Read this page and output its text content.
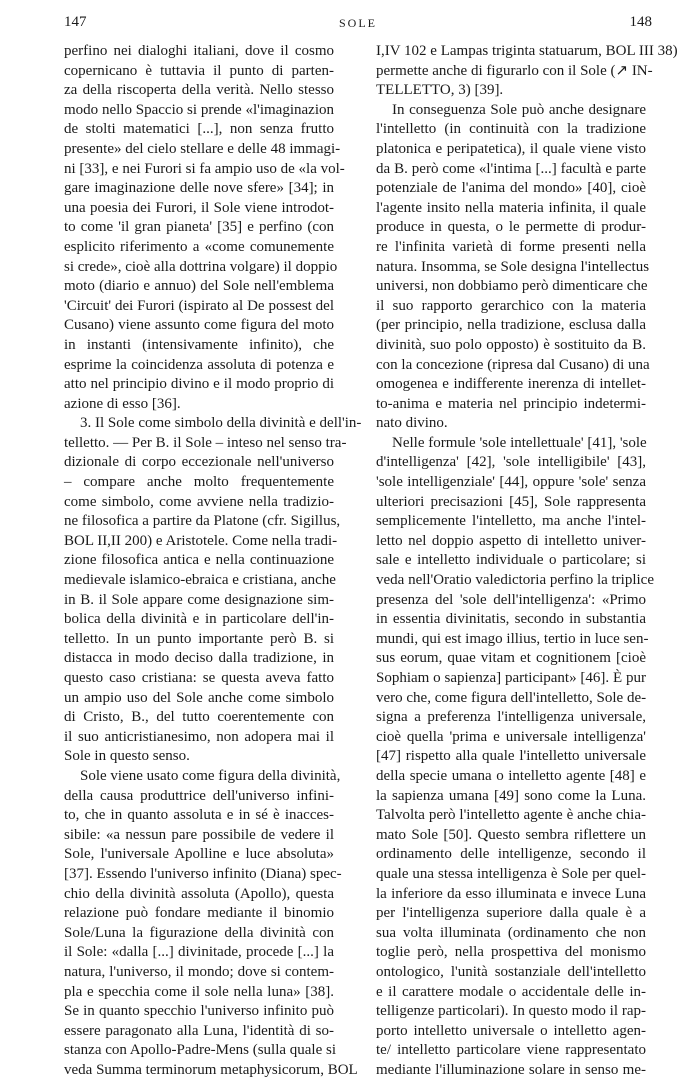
147	SOLE	148
perfino nei dialoghi italiani, dove il cosmo
copernicano è tuttavia il punto di parten-
za della riscoperta della verità. Nello stesso
modo nello Spaccio si prende «l'imaginazion
de stolti matematici [...], non senza frutto
presente» del cielo stellare e delle 48 immagi-
ni [33], e nei Furori si fa ampio uso de «la vol-
gare imaginazione delle nove sfere» [34]; in
una poesia dei Furori, il Sole viene introdot-
to come 'il gran pianeta' [35] e perfino (con
esplicito riferimento a «come comunemente
si crede», cioè alla dottrina volgare) il doppio
moto (diario e annuo) del Sole nell'emblema
'Circuit' dei Furori (ispirato al De possest del
Cusano) viene assunto come figura del moto
in instanti (intensivamente infinito), che
esprime la coincidenza assoluta di potenza e
atto nel principio divino e il modo proprio di
azione di esso [36].
3. Il Sole come simbolo della divinità e dell'in-
telletto. — Per B. il Sole – inteso nel senso tra-
dizionale di corpo eccezionale nell'universo
– compare anche molto frequentemente
come simbolo, come avviene nella tradizio-
ne filosofica a partire da Platone (cfr. Sigillus,
BOL II,II 200) e Aristotele. Come nella tradi-
zione filosofica antica e nella continuazione
medievale islamico-ebraica e cristiana, anche
in B. il Sole appare come designazione sim-
bolica della divinità e in particolare dell'in-
telletto. In un punto importante però B. si
distacca in modo deciso dalla tradizione, in
questo caso cristiana: se questa aveva fatto
un ampio uso del Sole anche come simbolo
di Cristo, B., del tutto coerentemente con
il suo anticristianesimo, non adopera mai il
Sole in questo senso.
Sole viene usato come figura della divinità,
della causa produttrice dell'universo infini-
to, che in quanto assoluta e in sé è inacces-
sibile: «a nessun pare possibile de vedere il
Sole, l'universale Apolline e luce absoluta»
[37]. Essendo l'universo infinito (Diana) spec-
chio della divinità assoluta (Apollo), questa
relazione può fondare mediante il binomio
Sole/Luna la figurazione della divinità con
il Sole: «dalla [...] divinitade, procede [...] la
natura, l'universo, il mondo; dove si contem-
pla e specchia come il sole nella luna» [38].
Se in quanto specchio l'universo infinito può
essere paragonato alla Luna, l'identità di so-
stanza con Apollo-Padre-Mens (sulla quale si
veda Summa terminorum metaphysicorum, BOL
I,IV 102 e Lampas triginta statuarum, BOL III 38)
permette anche di figurarlo con il Sole (↗ IN-
TELLETTO, 3) [39].
In conseguenza Sole può anche designare
l'intelletto (in continuità con la tradizione
platonica e peripatetica), il quale viene visto
da B. però come «l'intima [...] facultà e parte
potenziale de l'anima del mondo» [40], cioè
l'agente insito nella materia infinita, il quale
produce in questa, o le permette di produr-
re l'infinita varietà di forme presenti nella
natura. Insomma, se Sole designa l'intellectus
universi, non dobbiamo però dimenticare che
il suo rapporto gerarchico con la materia
(per principio, nella tradizione, esclusa dalla
divinità, suo polo opposto) è sostituito da B.
con la concezione (ripresa dal Cusano) di una
omogenea e indifferente inerenza di intellet-
to-anima e materia nel principio indetermi-
nato divino.
Nelle formule 'sole intellettuale' [41], 'sole
d'intelligenza' [42], 'sole intelligibile' [43],
'sole intelligenziale' [44], oppure 'sole' senza
ulteriori precisazioni [45], Sole rappresenta
semplicemente l'intelletto, ma anche l'intel-
letto nel doppio aspetto di intelletto univer-
sale e intelletto individuale o particolare; si
veda nell'Oratio valedictoria perfino la triplice
presenza del 'sole dell'intelligenza': «Primo
in essentia divinitatis, secondo in substantia
mundi, qui est imago illius, tertio in luce sen-
sus eorum, quae vitam et cognitionem [cioè
Sophiam o sapienza] participant» [46]. È pur
vero che, come figura dell'intelletto, Sole de-
signa a preferenza l'intelligenza universale,
cioè quella 'prima e universale intelligenza'
[47] rispetto alla quale l'intelletto universale
della specie umana o intelletto agente [48] e
la sapienza umana [49] sono come la Luna.
Talvolta però l'intelletto agente è anche chia-
mato Sole [50]. Questo sembra riflettere un
ordinamento delle intelligenze, secondo il
quale una stessa intelligenza è Sole per quel-
la inferiore da esso illuminata e invece Luna
per l'intelligenza superiore dalla quale è a
sua volta illuminata (ordinamento che non
toglie però, nella prospettiva del monismo
ontologico, l'unità sostanziale dell'intelletto
e il carattere modale o accidentale delle in-
telligenze particolari). In questo modo il rap-
porto intelletto universale o intelletto agen-
te/ intelletto particolare viene rappresentato
mediante l'illuminazione solare in senso me-
